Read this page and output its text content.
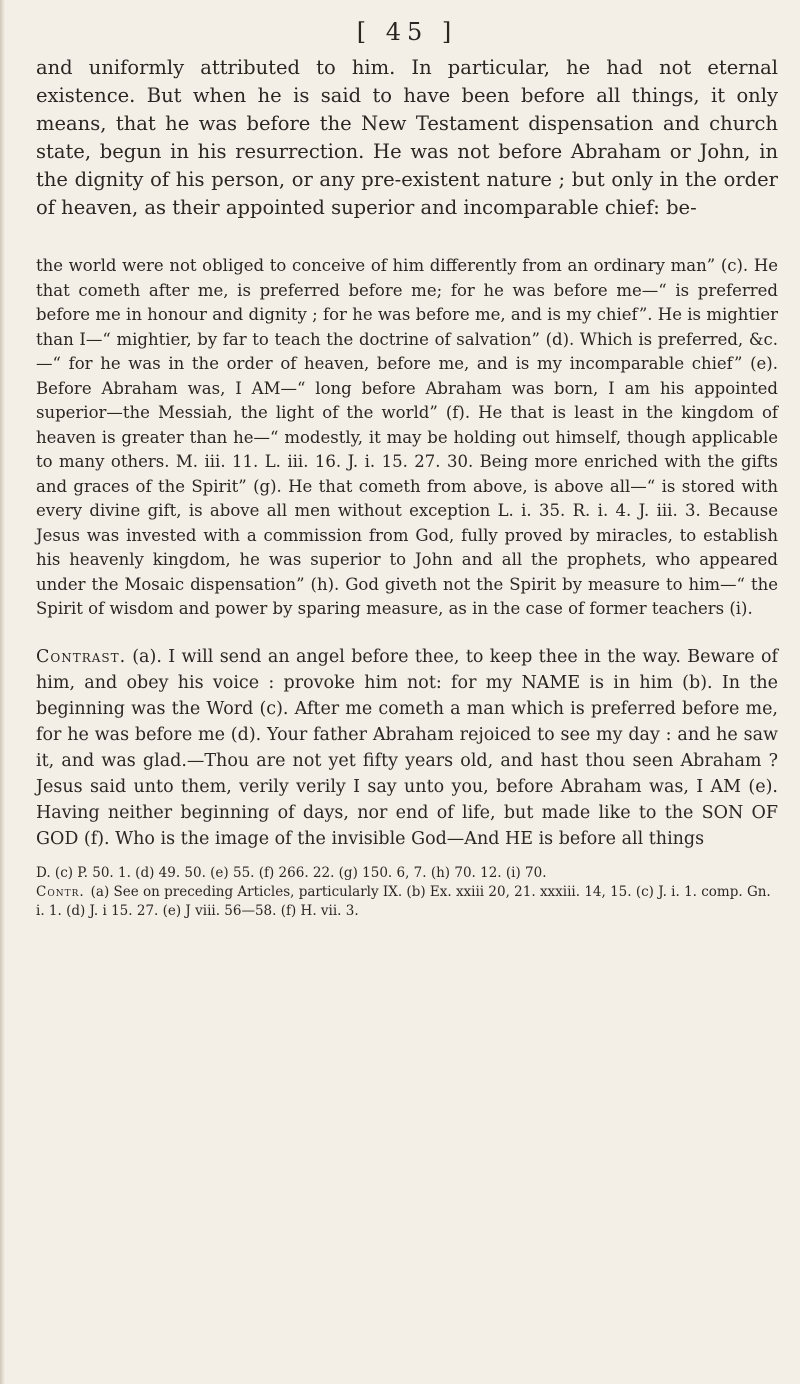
[ 45 ]

and uniformly attributed to him. In particular, he had not eternal existence. But when he is said to have been before all things, it only means, that he was before the New Testament dispensation and church state, begun in his resurrection. He was not before Abraham or John, in the dignity of his person, or any pre-existent nature ; but only in the order of heaven, as their appointed superior and incomparable chief: be-

the world were not obliged to conceive of him differently from an ordinary man” (c). He that cometh after me, is preferred before me; for he was before me—“ is preferred before me in honour and dignity ; for he was before me, and is my chief”. He is mightier than I—“ mightier, by far to teach the doctrine of salvation” (d). Which is preferred, &c.—“ for he was in the order of heaven, before me, and is my incomparable chief” (e). Before Abraham was, I AM—“ long before Abraham was born, I am his appointed superior—the Messiah, the light of the world” (f). He that is least in the kingdom of heaven is greater than he—“ modestly, it may be holding out himself, though applicable to many others. M. iii. 11. L. iii. 16. J. i. 15. 27. 30. Being more enriched with the gifts and graces of the Spirit” (g). He that cometh from above, is above all—“ is stored with every divine gift, is above all men without exception L. i. 35. R. i. 4. J. iii. 3. Because Jesus was invested with a commission from God, fully proved by miracles, to establish his heavenly kingdom, he was superior to John and all the prophets, who appeared under the Mosaic dispensation” (h). God giveth not the Spirit by measure to him—“ the Spirit of wisdom and power by sparing measure, as in the case of former teachers (i).

Contrast. (a). I will send an angel before thee, to keep thee in the way. Beware of him, and obey his voice : provoke him not: for my NAME is in him (b). In the beginning was the Word (c). After me cometh a man which is preferred before me, for he was before me (d). Your father Abraham rejoiced to see my day : and he saw it, and was glad.—Thou are not yet fifty years old, and hast thou seen Abraham ? Jesus said unto them, verily verily I say unto you, before Abraham was, I AM (e). Having neither beginning of days, nor end of life, but made like to the SON OF GOD (f). Who is the image of the invisible God—And HE is before all things

D. (c) P. 50. 1. (d) 49. 50. (e) 55. (f) 266. 22. (g) 150. 6, 7. (h) 70. 12. (i) 70.

Contr. (a) See on preceding Articles, particularly IX. (b) Ex. xxiii 20, 21. xxxiii. 14, 15. (c) J. i. 1. comp. Gn. i. 1. (d) J. i 15. 27. (e) J viii. 56—58. (f) H. vii. 3.
